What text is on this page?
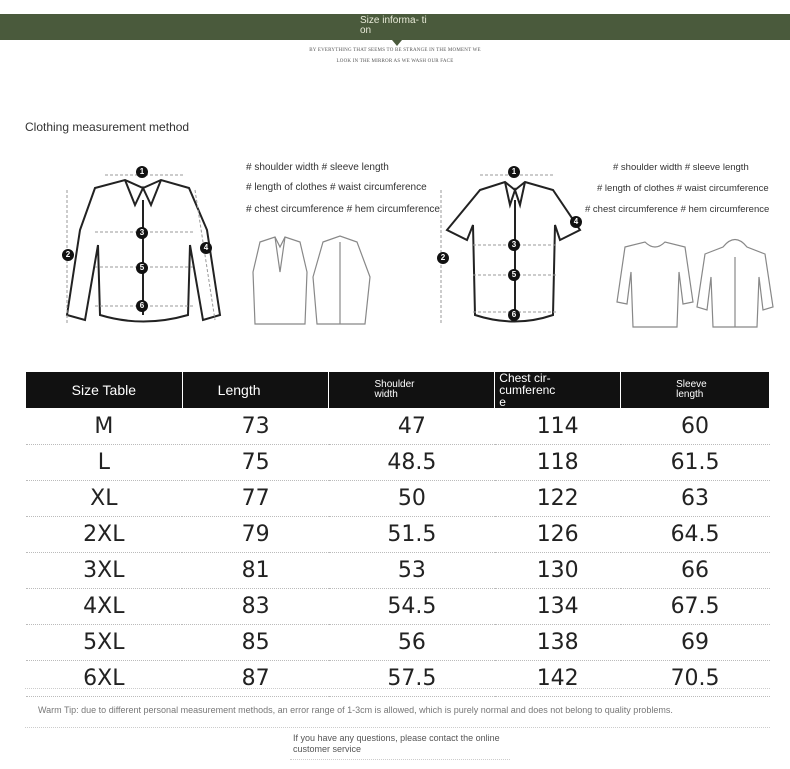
Size informa- tion
BY EVERYTHING THAT SEEMS TO BE STRANGE IN THE MOMENT WE
LOOK IN THE MIRROR AS WE WASH OUR FACE
Clothing measurement method
1
2
3
4
5
6
# shoulder width # sleeve length
# length of clothes # waist circumference
# chest circumference # hem circumference
1
2
3
4
5
6
# shoulder width # sleeve length
# length of clothes # waist circumference
# chest circumference # hem circumference
Size Table	Length	Shoulder width	Chest cir- cumference	Sleeve length

M	73	47	114	60
L	75	48.5	118	61.5
XL	77	50	122	63
2XL	79	51.5	126	64.5
3XL	81	53	130	66
4XL	83	54.5	134	67.5
5XL	85	56	138	69
6XL	87	57.5	142	70.5
Warm Tip: due to different personal measurement methods, an error range of 1-3cm is allowed, which is purely normal and does not belong to quality problems.
If you have any questions, please contact the online customer service
